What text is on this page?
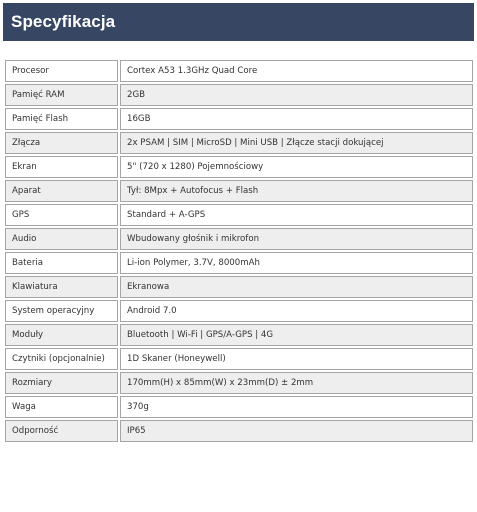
Specyfikacja
Procesor	Cortex A53 1.3GHz Quad Core
Pamięć RAM	2GB
Pamięć Flash	16GB
Złącza	2x PSAM | SIM | MicroSD | Mini USB | Złącze stacji dokującej
Ekran	5" (720 x 1280) Pojemnościowy
Aparat	Tył: 8Mpx + Autofocus + Flash
GPS	Standard + A-GPS
Audio	Wbudowany głośnik i mikrofon
Bateria	Li-ion Polymer, 3.7V, 8000mAh
Klawiatura	Ekranowa
System operacyjny	Android 7.0
Moduły	Bluetooth | Wi-Fi | GPS/A-GPS | 4G
Czytniki (opcjonalnie)	1D Skaner (Honeywell)
Rozmiary	170mm(H) x 85mm(W) x 23mm(D) ± 2mm
Waga	370g
Odporność	IP65
